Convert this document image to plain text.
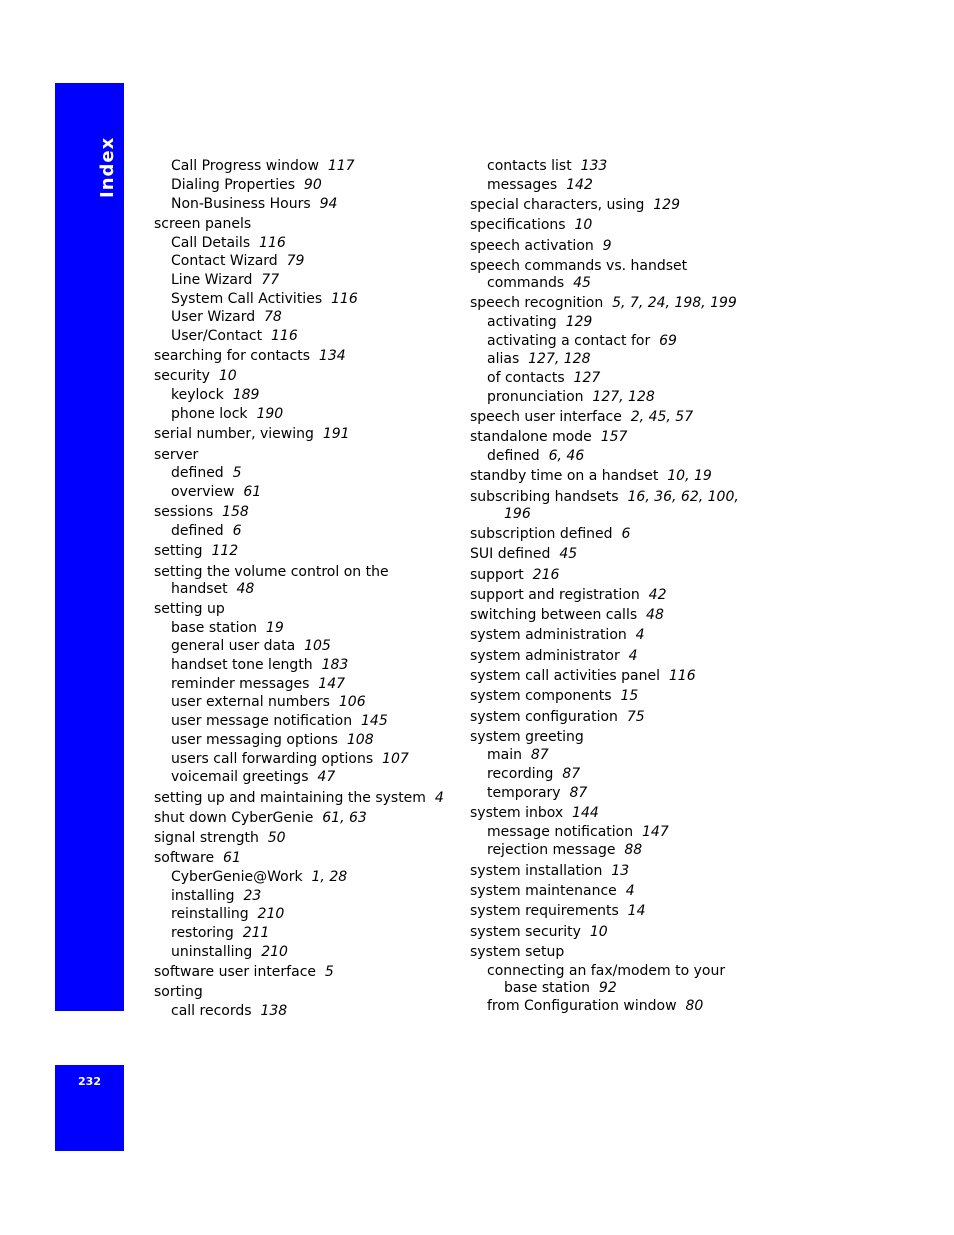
Index
232
Call Progress window 117
Dialing Properties 90
Non-Business Hours 94
screen panels
Call Details 116
Contact Wizard 79
Line Wizard 77
System Call Activities 116
User Wizard 78
User/Contact 116
searching for contacts 134
security 10
keylock 189
phone lock 190
serial number, viewing 191
server
defined 5
overview 61
sessions 158
defined 6
setting 112
setting the volume control on the
handset 48
setting up
base station 19
general user data 105
handset tone length 183
reminder messages 147
user external numbers 106
user message notification 145
user messaging options 108
users call forwarding options 107
voicemail greetings 47
setting up and maintaining the system 4
shut down CyberGenie 61, 63
signal strength 50
software 61
CyberGenie@Work 1, 28
installing 23
reinstalling 210
restoring 211
uninstalling 210
software user interface 5
sorting
call records 138
contacts list 133
messages 142
special characters, using 129
specifications 10
speech activation 9
speech commands vs. handset
commands 45
speech recognition 5, 7, 24, 198, 199
activating 129
activating a contact for 69
alias 127, 128
of contacts 127
pronunciation 127, 128
speech user interface 2, 45, 57
standalone mode 157
defined 6, 46
standby time on a handset 10, 19
subscribing handsets 16, 36, 62, 100,
196
subscription defined 6
SUI defined 45
support 216
support and registration 42
switching between calls 48
system administration 4
system administrator 4
system call activities panel 116
system components 15
system configuration 75
system greeting
main 87
recording 87
temporary 87
system inbox 144
message notification 147
rejection message 88
system installation 13
system maintenance 4
system requirements 14
system security 10
system setup
connecting an fax/modem to your
base station 92
from Configuration window 80
